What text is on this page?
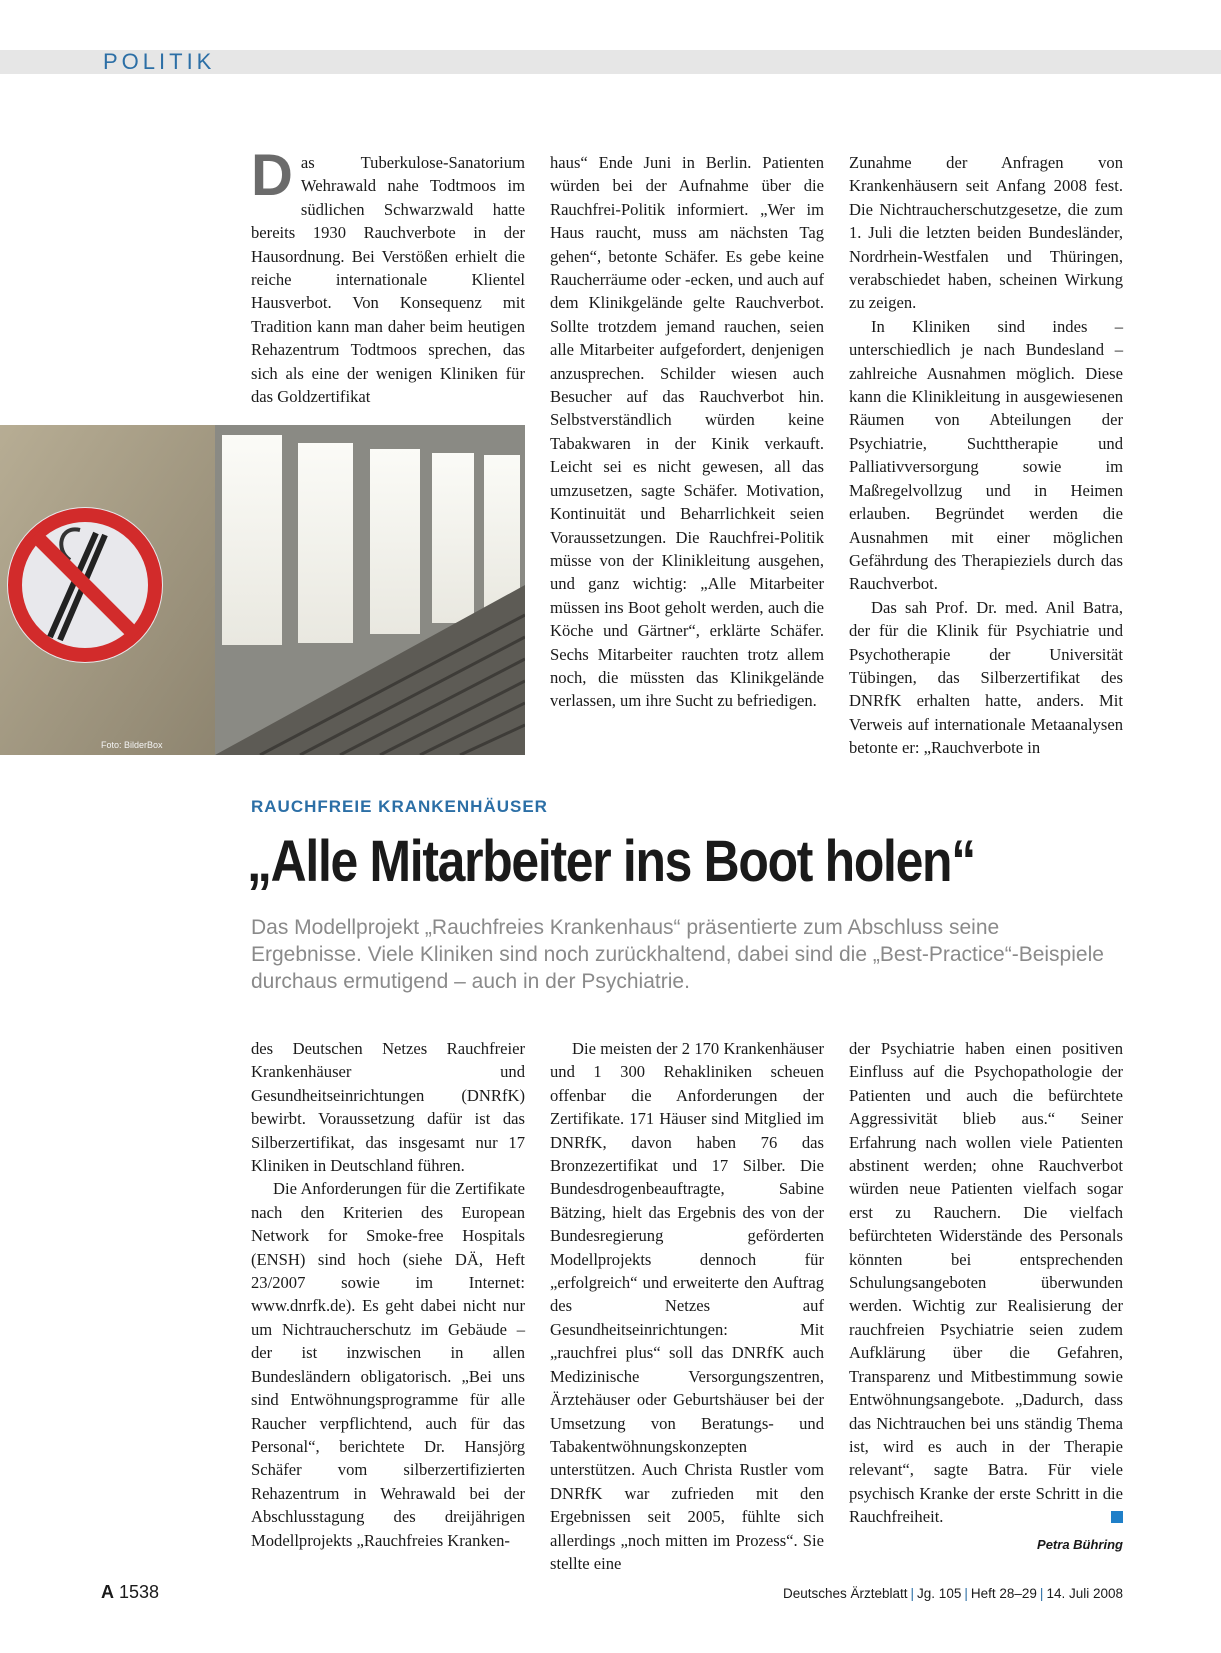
POLITIK

Das Tuberkulose-Sanatorium Wehrawald nahe Todtmoos im südlichen Schwarzwald hatte bereits 1930 Rauchverbote in der Hausordnung. Bei Verstößen erhielt die reiche internationale Klientel Hausverbot. Von Konsequenz mit Tradition kann man daher beim heutigen Rehazentrum Todtmoos sprechen, das sich als eine der wenigen Kliniken für das Goldzertifikat

haus“ Ende Juni in Berlin. Patienten würden bei der Aufnahme über die Rauchfrei-Politik informiert. „Wer im Haus raucht, muss am nächsten Tag gehen“, betonte Schäfer. Es gebe keine Raucherräume oder -ecken, und auch auf dem Klinikgelände gelte Rauchverbot. Sollte trotzdem jemand rauchen, seien alle Mitarbeiter aufgefordert, denjenigen anzusprechen. Schilder wiesen auch Besucher auf das Rauchverbot hin. Selbstverständlich würden keine Tabakwaren in der Kinik verkauft. Leicht sei es nicht gewesen, all das umzusetzen, sagte Schäfer. Motivation, Kontinuität und Beharrlichkeit seien Voraussetzungen. Die Rauchfrei-Politik müsse von der Klinikleitung ausgehen, und ganz wichtig: „Alle Mitarbeiter müssen ins Boot geholt werden, auch die Köche und Gärtner“, erklärte Schäfer. Sechs Mitarbeiter rauchten trotz allem noch, die müssten das Klinikgelände verlassen, um ihre Sucht zu befriedigen.

Zunahme der Anfragen von Krankenhäusern seit Anfang 2008 fest. Die Nichtraucherschutzgesetze, die zum 1. Juli die letzten beiden Bundesländer, Nordrhein-Westfalen und Thüringen, verabschiedet haben, scheinen Wirkung zu zeigen.

In Kliniken sind indes – unterschiedlich je nach Bundesland – zahlreiche Ausnahmen möglich. Diese kann die Klinikleitung in ausgewiesenen Räumen von Abteilungen der Psychiatrie, Suchttherapie und Palliativversorgung sowie im Maßregelvollzug und in Heimen erlauben. Begründet werden die Ausnahmen mit einer möglichen Gefährdung des Therapieziels durch das Rauchverbot.

Das sah Prof. Dr. med. Anil Batra, der für die Klinik für Psychiatrie und Psychotherapie der Universität Tübingen, das Silberzertifikat des DNRfK erhalten hatte, anders. Mit Verweis auf internationale Metaanalysen betonte er: „Rauchverbote in

Foto: BilderBox
RAUCHFREIE KRANKENHÄUSER
„Alle Mitarbeiter ins Boot holen“
Das Modellprojekt „Rauchfreies Krankenhaus“ präsentierte zum Abschluss seine Ergebnisse. Viele Kliniken sind noch zurückhaltend, dabei sind die „Best-Practice“-Beispiele durchaus ermutigend – auch in der Psychiatrie.

des Deutschen Netzes Rauchfreier Krankenhäuser und Gesundheitseinrichtungen (DNRfK) bewirbt. Voraussetzung dafür ist das Silberzertifikat, das insgesamt nur 17 Kliniken in Deutschland führen.

Die Anforderungen für die Zertifikate nach den Kriterien des European Network for Smoke-free Hospitals (ENSH) sind hoch (siehe DÄ, Heft 23/2007 sowie im Internet: www.dnrfk.de). Es geht dabei nicht nur um Nichtraucherschutz im Gebäude – der ist inzwischen in allen Bundesländern obligatorisch. „Bei uns sind Entwöhnungsprogramme für alle Raucher verpflichtend, auch für das Personal“, berichtete Dr. Hansjörg Schäfer vom silberzertifizierten Rehazentrum in Wehrawald bei der Abschlusstagung des dreijährigen Modellprojekts „Rauchfreies Kranken-

Die meisten der 2 170 Krankenhäuser und 1 300 Rehakliniken scheuen offenbar die Anforderungen der Zertifikate. 171 Häuser sind Mitglied im DNRfK, davon haben 76 das Bronzezertifikat und 17 Silber. Die Bundesdrogenbeauftragte, Sabine Bätzing, hielt das Ergebnis des von der Bundesregierung geförderten Modellprojekts dennoch für „erfolgreich“ und erweiterte den Auftrag des Netzes auf Gesundheitseinrichtungen: Mit „rauchfrei plus“ soll das DNRfK auch Medizinische Versorgungszentren, Ärztehäuser oder Geburtshäuser bei der Umsetzung von Beratungs- und Tabakentwöhnungskonzepten unterstützen. Auch Christa Rustler vom DNRfK war zufrieden mit den Ergebnissen seit 2005, fühlte sich allerdings „noch mitten im Prozess“. Sie stellte eine

der Psychiatrie haben einen positiven Einfluss auf die Psychopathologie der Patienten und auch die befürchtete Aggressivität blieb aus.“ Seiner Erfahrung nach wollen viele Patienten abstinent werden; ohne Rauchverbot würden neue Patienten vielfach sogar erst zu Rauchern. Die vielfach befürchteten Widerstände des Personals könnten bei entsprechenden Schulungsangeboten überwunden werden. Wichtig zur Realisierung der rauchfreien Psychiatrie seien zudem Aufklärung über die Gefahren, Transparenz und Mitbestimmung sowie Entwöhnungsangebote. „Dadurch, dass das Nichtrauchen bei uns ständig Thema ist, wird es auch in der Therapie relevant“, sagte Batra. Für viele psychisch Kranke der erste Schritt in die Rauchfreiheit.

Petra Bühring
A 1538	Deutsches Ärzteblatt | Jg. 105 | Heft 28–29 | 14. Juli 2008
